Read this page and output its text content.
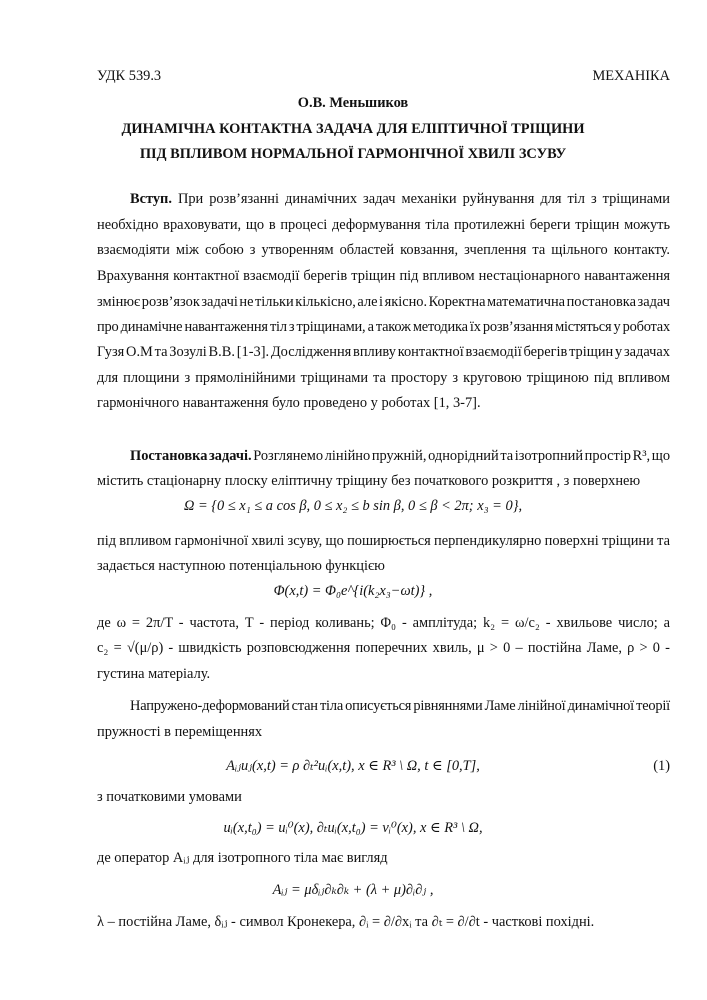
УДК 539.3	МЕХАНІКА
О.В. Меньшиков
ДИНАМІЧНА КОНТАКТНА ЗАДАЧА ДЛЯ ЕЛІПТИЧНОЇ ТРІЩИНИ
ПІД ВПЛИВОМ НОРМАЛЬНОЇ ГАРМОНІЧНОЇ ХВИЛІ ЗСУВУ
Вступ. При розв’язанні динамічних задач механіки руйнування для тіл з тріщинами
необхідно враховувати, що в процесі деформування тіла протилежні береги тріщин можуть
взаємодіяти між собою з утворенням областей ковзання, зчеплення та щільного контакту.
Врахування контактної взаємодії берегів тріщин під впливом нестаціонарного навантаження
змінює розв’язок задачі не тільки кількісно, але і якісно. Коректна математична постановка задач
про динамічне навантаження тіл з тріщинами, а також методика їх розв’язання містяться у роботах
Гузя О.М та Зозулі В.В. [1-3]. Дослідження впливу контактної взаємодії берегів тріщин у задачах
для площини з прямолінійними тріщинами та простору з круговою тріщиною під впливом
гармонічного навантаження було проведено у роботах [1, 3-7].
Постановка задачі. Розглянемо лінійно пружній, однорідний та ізотропний простір R³, що
містить стаціонарну плоску еліптичну тріщину без початкового розкриття , з поверхнею
Ω = {0 ≤ x₁ ≤ a cos β, 0 ≤ x₂ ≤ b sin β, 0 ≤ β < 2π; x₃ = 0},
під впливом гармонічної хвилі зсуву, що поширюється перпендикулярно поверхні тріщини та
задається наступною потенціальною функцією
Φ(x,t) = Φ₀e^{i(k₂x₃−ωt)} ,
де ω = 2π/T - частота, T - період коливань; Φ₀ - амплітуда; k₂ = ω/c₂ - хвильове число; а
c₂ = √(μ/ρ) - швидкість розповсюдження поперечних хвиль, μ > 0 – постійна Ламе, ρ > 0 -
густина матеріалу.
Напружено-деформований стан тіла описується рівняннями Ламе лінійної динамічної теорії
пружності в переміщеннях
Aᵢⱼuⱼ(x,t) = ρ ∂ₜ²uᵢ(x,t), x ∈ R³ \ Ω, t ∈ [0,T],	(1)
з початковими умовами
uᵢ(x,t₀) = uᵢ⁰(x), ∂ₜuᵢ(x,t₀) = vᵢ⁰(x), x ∈ R³ \ Ω,
де оператор Aᵢⱼ для ізотропного тіла має вигляд
Aᵢⱼ = μδᵢⱼ∂ₖ∂ₖ + (λ + μ)∂ᵢ∂ⱼ ,
λ – постійна Ламе, δᵢⱼ - символ Кронекера, ∂ᵢ = ∂/∂xᵢ та ∂ₜ = ∂/∂t - часткові похідні.
